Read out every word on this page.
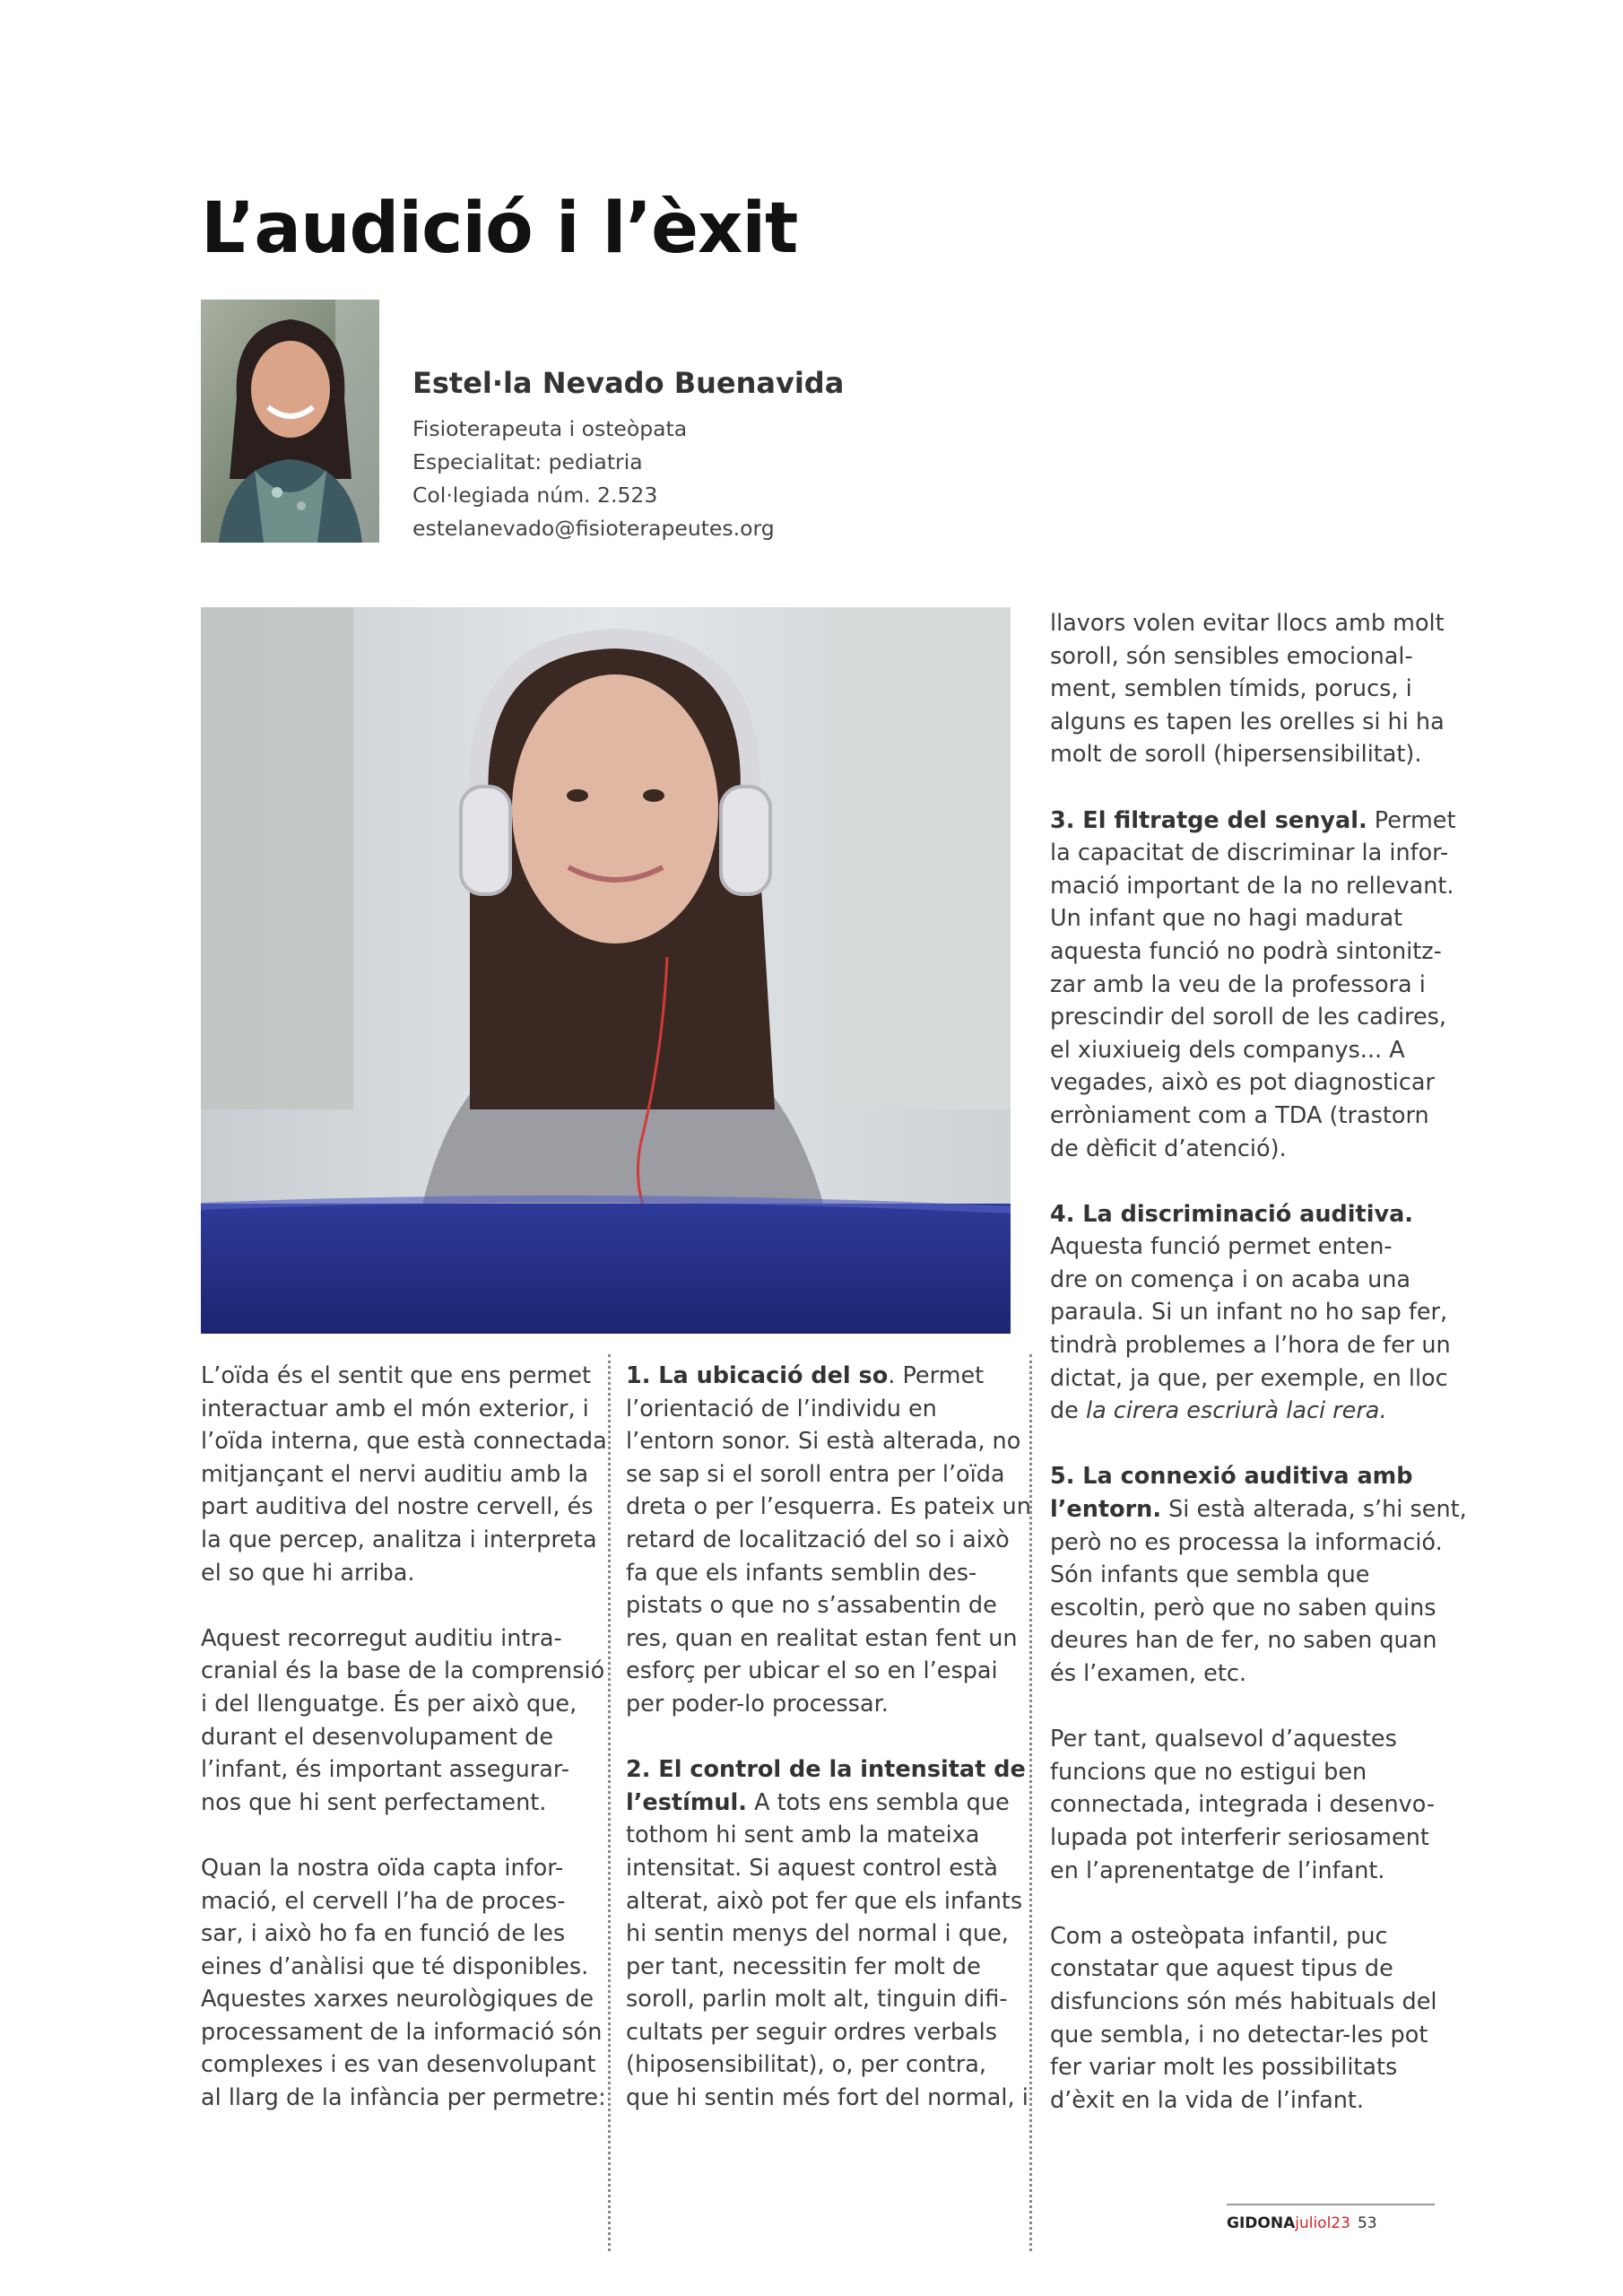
L’audició i l’èxit
Estel·la Nevado Buenavida
Fisioterapeuta i osteòpata
Especialitat: pediatria
Col·legiada núm. 2.523
estelanevado@fisioterapeutes.org

L’oïda és el sentit que ens permet
interactuar amb el món exterior, i
l’oïda interna, que està connectada
mitjançant el nervi auditiu amb la
part auditiva del nostre cervell, és
la que percep, analitza i interpreta
el so que hi arriba.

Aquest recorregut auditiu intra-
cranial és la base de la comprensió
i del llenguatge. És per això que,
durant el desenvolupament de
l’infant, és important assegurar-
nos que hi sent perfectament.

Quan la nostra oïda capta infor-
mació, el cervell l’ha de proces-
sar, i això ho fa en funció de les
eines d’anàlisi que té disponibles.
Aquestes xarxes neurològiques de
processament de la informació són
complexes i es van desenvolupant
al llarg de la infància per permetre:

1. La ubicació del so. Permet
l’orientació de l’individu en
l’entorn sonor. Si està alterada, no
se sap si el soroll entra per l’oïda
dreta o per l’esquerra. Es pateix un
retard de localització del so i això
fa que els infants semblin des-
pistats o que no s’assabentin de
res, quan en realitat estan fent un
esforç per ubicar el so en l’espai
per poder-lo processar.

2. El control de la intensitat de
l’estímul. A tots ens sembla que
tothom hi sent amb la mateixa
intensitat. Si aquest control està
alterat, això pot fer que els infants
hi sentin menys del normal i que,
per tant, necessitin fer molt de
soroll, parlin molt alt, tinguin difi-
cultats per seguir ordres verbals
(hiposensibilitat), o, per contra,
que hi sentin més fort del normal, i

llavors volen evitar llocs amb molt
soroll, són sensibles emocional-
ment, semblen tímids, porucs, i
alguns es tapen les orelles si hi ha
molt de soroll (hipersensibilitat).

3. El filtratge del senyal. Permet
la capacitat de discriminar la infor-
mació important de la no rellevant.
Un infant que no hagi madurat
aquesta funció no podrà sintonitz-
zar amb la veu de la professora i
prescindir del soroll de les cadires,
el xiuxiueig dels companys... A
vegades, això es pot diagnosticar
erròniament com a TDA (trastorn
de dèficit d’atenció).

4. La discriminació auditiva.
Aquesta funció permet enten-
dre on comença i on acaba una
paraula. Si un infant no ho sap fer,
tindrà problemes a l’hora de fer un
dictat, ja que, per exemple, en lloc
de la cirera escriurà laci rera.

5. La connexió auditiva amb
l’entorn. Si està alterada, s’hi sent,
però no es processa la informació.
Són infants que sembla que
escoltin, però que no saben quins
deures han de fer, no saben quan
és l’examen, etc.

Per tant, qualsevol d’aquestes
funcions que no estigui ben
connectada, integrada i desenvo-
lupada pot interferir seriosament
en l’aprenentatge de l’infant.

Com a osteòpata infantil, puc
constatar que aquest tipus de
disfuncions són més habituals del
que sembla, i no detectar-les pot
fer variar molt les possibilitats
d’èxit en la vida de l’infant.

GIDONAjuliol23 53
